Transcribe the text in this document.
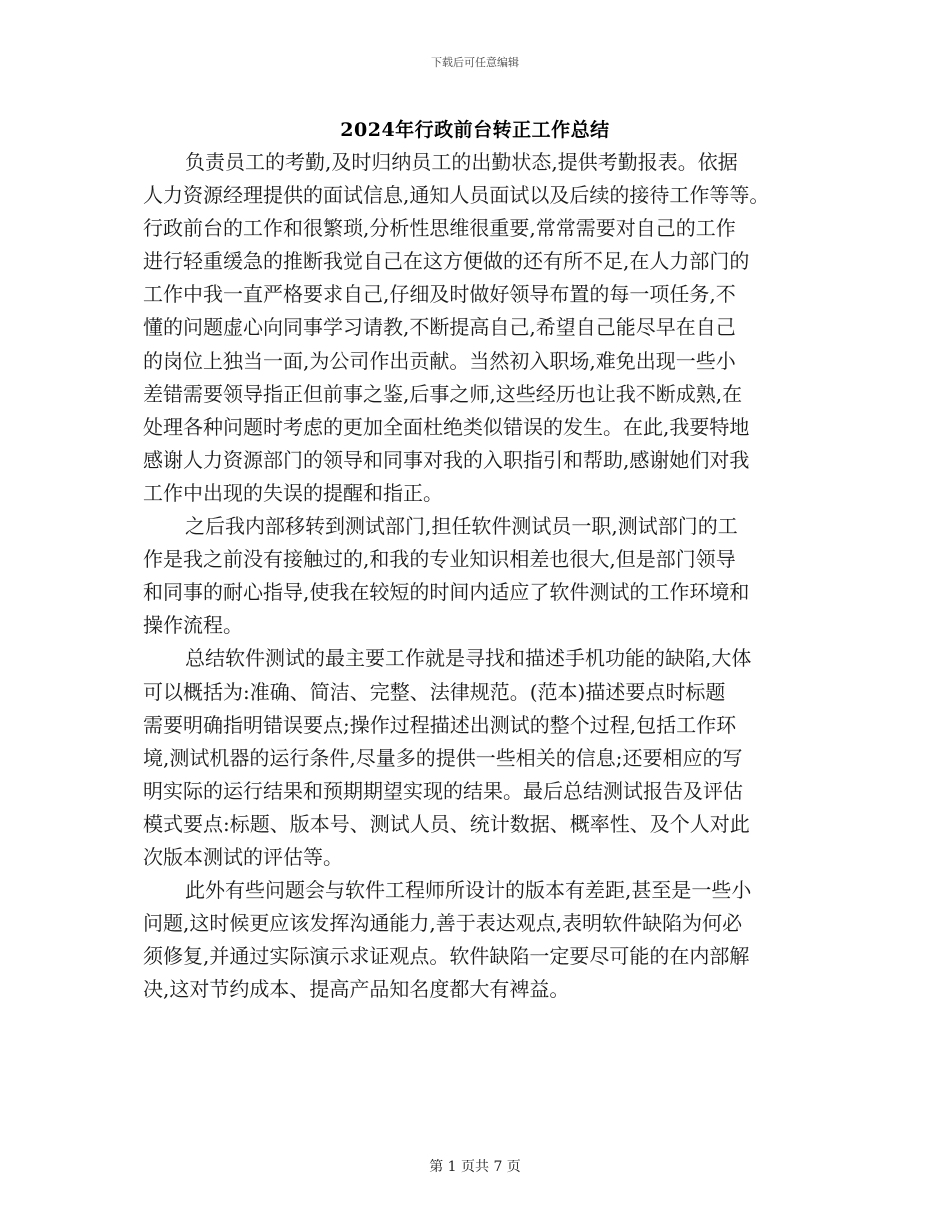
下载后可任意编辑
2024年行政前台转正工作总结
负责员工的考勤,及时归纳员工的出勤状态,提供考勤报表。依据
人力资源经理提供的面试信息,通知人员面试以及后续的接待工作等等。
行政前台的工作和很繁琐,分析性思维很重要,常常需要对自己的工作
进行轻重缓急的推断我觉自己在这方便做的还有所不足,在人力部门的
工作中我一直严格要求自己,仔细及时做好领导布置的每一项任务,不
懂的问题虚心向同事学习请教,不断提高自己,希望自己能尽早在自己
的岗位上独当一面,为公司作出贡献。当然初入职场,难免出现一些小
差错需要领导指正但前事之鉴,后事之师,这些经历也让我不断成熟,在
处理各种问题时考虑的更加全面杜绝类似错误的发生。在此,我要特地
感谢人力资源部门的领导和同事对我的入职指引和帮助,感谢她们对我
工作中出现的失误的提醒和指正。
之后我内部移转到测试部门,担任软件测试员一职,测试部门的工
作是我之前没有接触过的,和我的专业知识相差也很大,但是部门领导
和同事的耐心指导,使我在较短的时间内适应了软件测试的工作环境和
操作流程。
总结软件测试的最主要工作就是寻找和描述手机功能的缺陷,大体
可以概括为:准确、简洁、完整、法律规范。(范本)描述要点时标题
需要明确指明错误要点;操作过程描述出测试的整个过程,包括工作环
境,测试机器的运行条件,尽量多的提供一些相关的信息;还要相应的写
明实际的运行结果和预期期望实现的结果。最后总结测试报告及评估
模式要点:标题、版本号、测试人员、统计数据、概率性、及个人对此
次版本测试的评估等。
此外有些问题会与软件工程师所设计的版本有差距,甚至是一些小
问题,这时候更应该发挥沟通能力,善于表达观点,表明软件缺陷为何必
须修复,并通过实际演示求证观点。软件缺陷一定要尽可能的在内部解
决,这对节约成本、提高产品知名度都大有裨益。
第 1 页共 7 页
